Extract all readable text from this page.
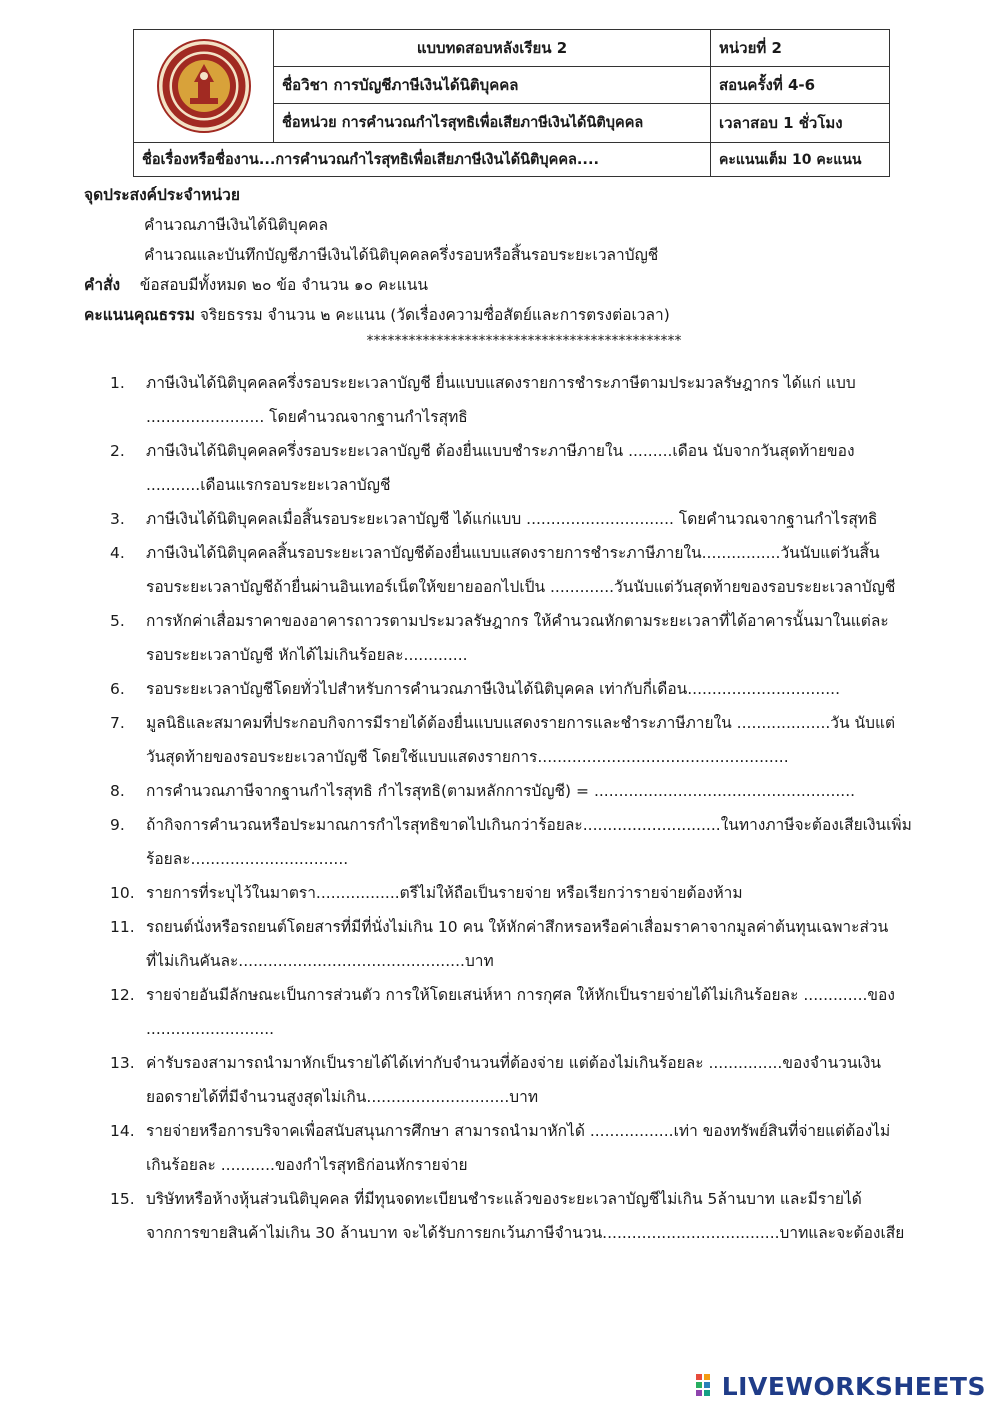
	แบบทดสอบหลังเรียน 2	หน่วยที่ 2
	ชื่อวิชา การบัญชีภาษีเงินได้นิติบุคคล	สอนครั้งที่ 4-6
	ชื่อหน่วย การคำนวณกำไรสุทธิเพื่อเสียภาษีเงินได้นิติบุคคล	เวลาสอบ 1 ชั่วโมง
ชื่อเรื่องหรือชื่องาน...การคำนวณกำไรสุทธิเพื่อเสียภาษีเงินได้นิติบุคคล....		คะแนนเต็ม 10 คะแนน
จุดประสงค์ประจำหน่วย
คำนวณภาษีเงินได้นิติบุคคล
คำนวณและบันทึกบัญชีภาษีเงินได้นิติบุคคลครึ่งรอบหรือสิ้นรอบระยะเวลาบัญชี
คำสั่ง ข้อสอบมีทั้งหมด ๒๐ ข้อ จำนวน ๑๐ คะแนน
คะแนนคุณธรรม จริยธรรม จำนวน ๒ คะแนน (วัดเรื่องความซื่อสัตย์และการตรงต่อเวลา)
*********************************************
1.	ภาษีเงินได้นิติบุคคลครึ่งรอบระยะเวลาบัญชี ยื่นแบบแสดงรายการชำระภาษีตามประมวลรัษฎากร ได้แก่ แบบ
........................ โดยคำนวณจากฐานกำไรสุทธิ
2.	ภาษีเงินได้นิติบุคคลครึ่งรอบระยะเวลาบัญชี ต้องยื่นแบบชำระภาษีภายใน .........เดือน นับจากวันสุดท้ายของ
...........เดือนแรกรอบระยะเวลาบัญชี
3.	ภาษีเงินได้นิติบุคคลเมื่อสิ้นรอบระยะเวลาบัญชี ได้แก่แบบ .............................. โดยคำนวณจากฐานกำไรสุทธิ
4.	ภาษีเงินได้นิติบุคคลสิ้นรอบระยะเวลาบัญชีต้องยื่นแบบแสดงรายการชำระภาษีภายใน................วันนับแต่วันสิ้น
รอบระยะเวลาบัญชีถ้ายื่นผ่านอินเทอร์เน็ตให้ขยายออกไปเป็น .............วันนับแต่วันสุดท้ายของรอบระยะเวลาบัญชี
5.	การหักค่าเสื่อมราคาของอาคารถาวรตามประมวลรัษฎากร ให้คำนวณหักตามระยะเวลาที่ได้อาคารนั้นมาในแต่ละ
รอบระยะเวลาบัญชี หักได้ไม่เกินร้อยละ.............
6.	รอบระยะเวลาบัญชีโดยทั่วไปสำหรับการคำนวณภาษีเงินได้นิติบุคคล เท่ากับกี่เดือน...............................
7.	มูลนิธิและสมาคมที่ประกอบกิจการมีรายได้ต้องยื่นแบบแสดงรายการและชำระภาษีภายใน ...................วัน นับแต่
วันสุดท้ายของรอบระยะเวลาบัญชี โดยใช้แบบแสดงรายการ...................................................
8.	การคำนวณภาษีจากฐานกำไรสุทธิ กำไรสุทธิ(ตามหลักการบัญชี) = .....................................................
9.	ถ้ากิจการคำนวณหรือประมาณการกำไรสุทธิขาดไปเกินกว่าร้อยละ............................ในทางภาษีจะต้องเสียเงินเพิ่ม
ร้อยละ................................
10. รายการที่ระบุไว้ในมาตรา.................ตรีไม่ให้ถือเป็นรายจ่าย หรือเรียกว่ารายจ่ายต้องห้าม
11. รถยนต์นั่งหรือรถยนต์โดยสารที่มีที่นั่งไม่เกิน 10 คน ให้หักค่าสึกหรอหรือค่าเสื่อมราคาจากมูลค่าต้นทุนเฉพาะส่วน
ที่ไม่เกินคันละ..............................................บาท
12. รายจ่ายอันมีลักษณะเป็นการส่วนตัว การให้โดยเสน่ห์หา การกุศล ให้หักเป็นรายจ่ายได้ไม่เกินร้อยละ .............ของ
..........................
13. ค่ารับรองสามารถนำมาหักเป็นรายได้ได้เท่ากับจำนวนที่ต้องจ่าย แต่ต้องไม่เกินร้อยละ ...............ของจำนวนเงิน
ยอดรายได้ที่มีจำนวนสูงสุดไม่เกิน.............................บาท
14. รายจ่ายหรือการบริจาคเพื่อสนับสนุนการศึกษา สามารถนำมาหักได้ .................เท่า ของทรัพย์สินที่จ่ายแต่ต้องไม่
เกินร้อยละ ...........ของกำไรสุทธิก่อนหักรายจ่าย
15. บริษัทหรือห้างหุ้นส่วนนิติบุคคล ที่มีทุนจดทะเบียนชำระแล้วของระยะเวลาบัญชีไม่เกิน 5ล้านบาท และมีรายได้
จากการขายสินค้าไม่เกิน 30 ล้านบาท จะได้รับการยกเว้นภาษีจำนวน....................................บาทและจะต้องเสีย
LIVEWORKSHEETS
